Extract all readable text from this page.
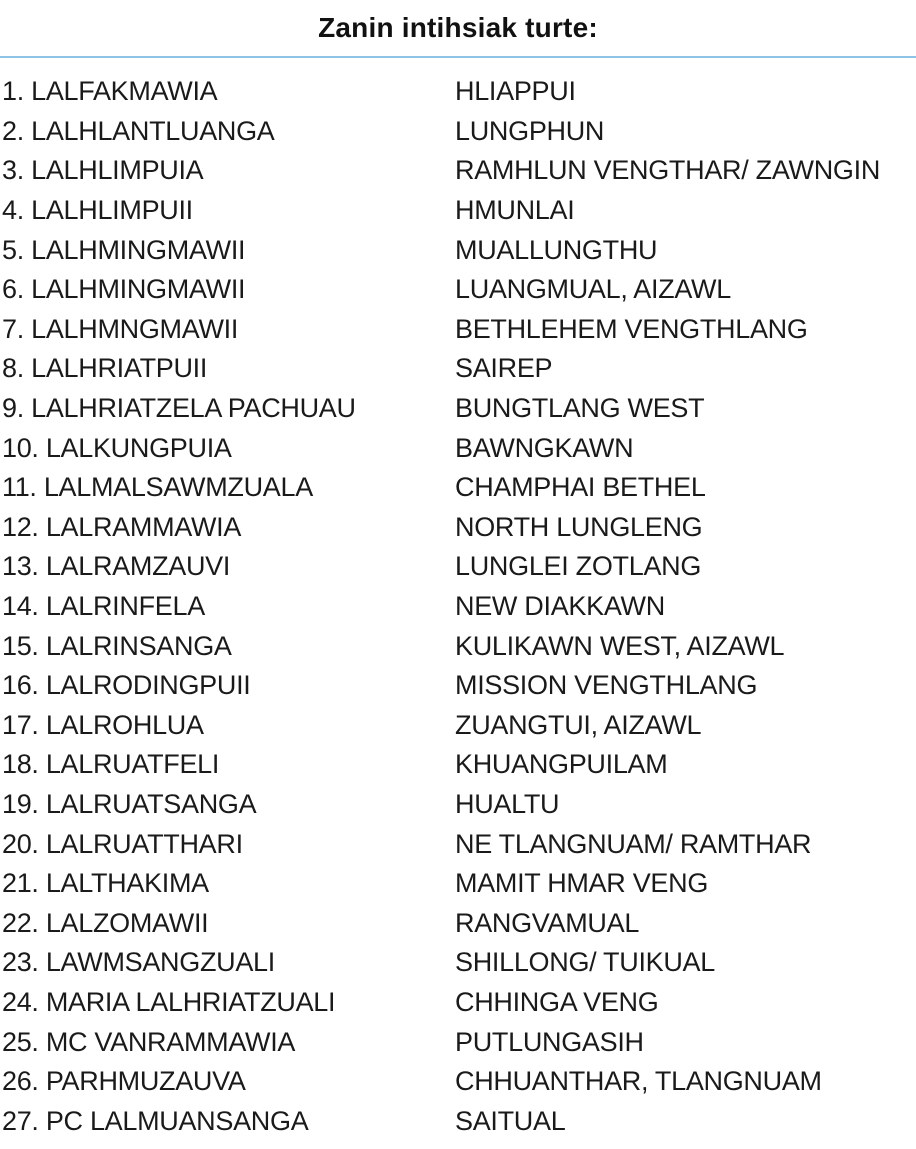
Zanin intihsiak turte:
1. LALFAKMAWIA	HLIAPPUI
2. LALHLANTLUANGA	LUNGPHUN
3. LALHLIMPUIA	RAMHLUN VENGTHAR/ ZAWNGIN
4. LALHLIMPUII	HMUNLAI
5. LALHMINGMAWII	MUALLUNGTHU
6. LALHMINGMAWII	LUANGMUAL, AIZAWL
7. LALHMNGMAWII	BETHLEHEM VENGTHLANG
8. LALHRIATPUII	SAIREP
9. LALHRIATZELA PACHUAU	BUNGTLANG WEST
10. LALKUNGPUIA	BAWNGKAWN
11. LALMALSAWMZUALA	CHAMPHAI BETHEL
12. LALRAMMAWIA	NORTH LUNGLENG
13. LALRAMZAUVI	LUNGLEI ZOTLANG
14. LALRINFELA	NEW DIAKKAWN
15. LALRINSANGA	KULIKAWN WEST, AIZAWL
16. LALRODINGPUII	MISSION VENGTHLANG
17. LALROHLUA	ZUANGTUI, AIZAWL
18. LALRUATFELI	KHUANGPUILAM
19. LALRUATSANGA	HUALTU
20. LALRUATTHARI	NE TLANGNUAM/ RAMTHAR
21. LALTHAKIMA	MAMIT HMAR VENG
22. LALZOMAWII	RANGVAMUAL
23. LAWMSANGZUALI	SHILLONG/ TUIKUAL
24. MARIA LALHRIATZUALI	CHHINGA VENG
25. MC VANRAMMAWIA	PUTLUNGASIH
26. PARHMUZAUVA	CHHUANTHAR, TLANGNUAM
27. PC LALMUANSANGA	SAITUAL
